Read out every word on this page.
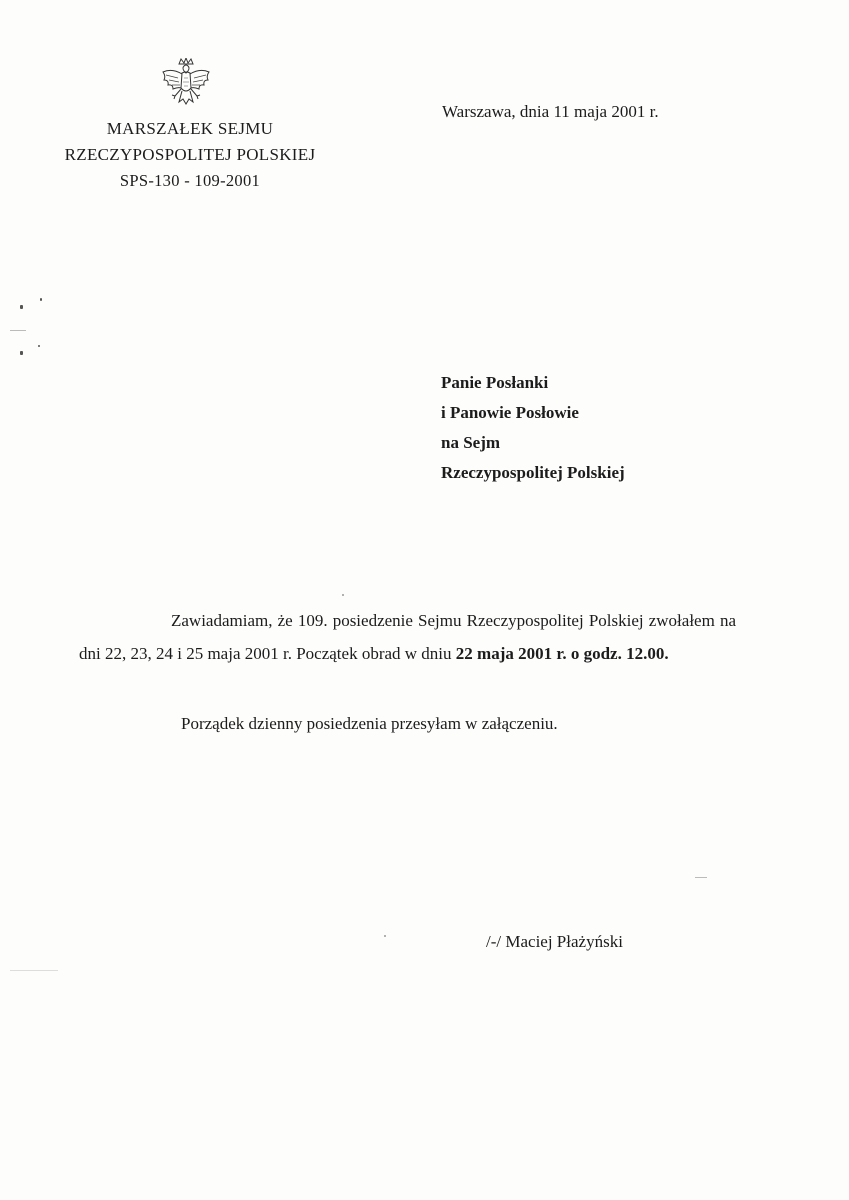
MARSZAŁEK SEJMU
RZECZYPOSPOLITEJ POLSKIEJ
SPS-130 - 109-2001
Warszawa, dnia 11 maja 2001 r.
Panie Posłanki
i Panowie Posłowie
na Sejm
Rzeczypospolitej Polskiej

Zawiadamiam, że 109. posiedzenie Sejmu Rzeczypospolitej Polskiej zwołałem na dni 22, 23, 24 i 25 maja 2001 r. Początek obrad w dniu 22 maja 2001 r. o godz. 12.00.

Porządek dzienny posiedzenia przesyłam w załączeniu.
/-/ Maciej Płażyński
